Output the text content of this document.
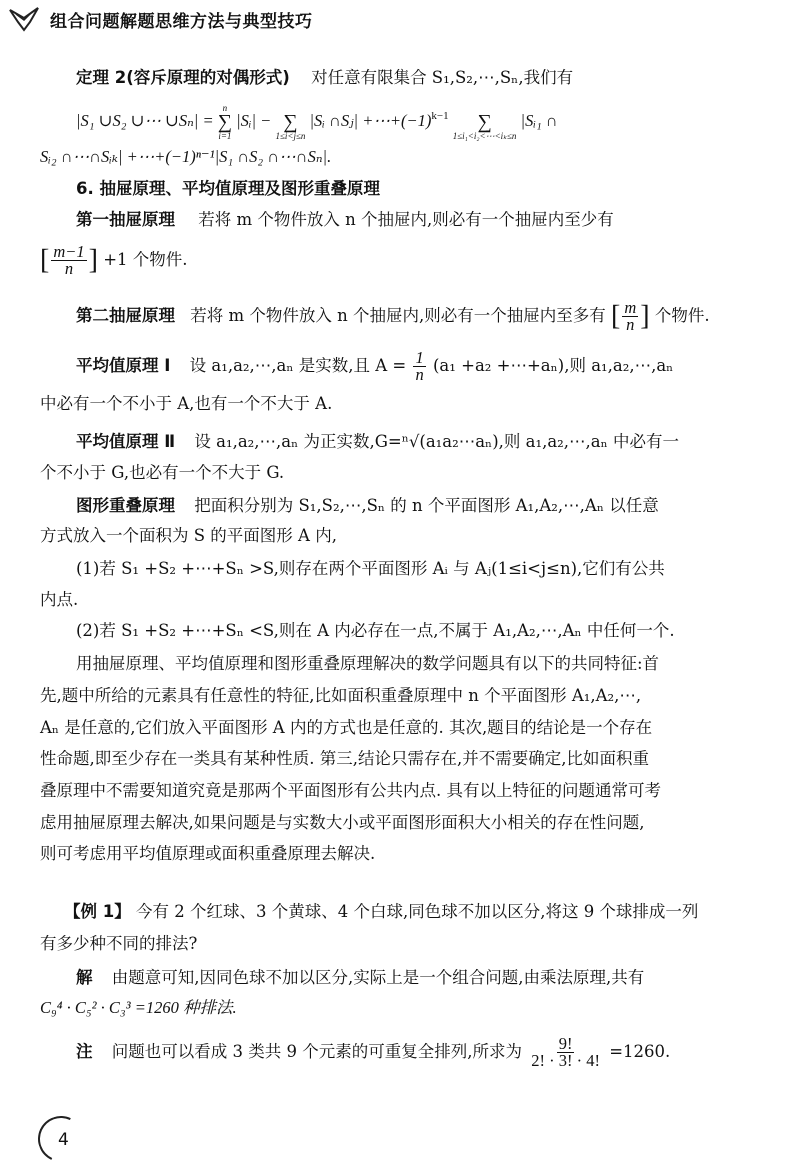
组合问题解题思维方法与典型技巧
定理 2(容斥原理的对偶形式) 对任意有限集合 S₁,S₂,⋯,Sₙ,我们有
|S₁ ∪S₂ ∪⋯ ∪Sₙ| =
n
∑
i=1
|Sᵢ| −
∑
1≤i<j≤n
|Sᵢ ∩Sⱼ| $+\cdots+(-1)^{k-1}$
∑
1≤i₁<i₂<⋯<iₖ≤n
|Sᵢ₁ ∩
Sᵢ₂ ∩⋯∩Sᵢₖ| +⋯+(−1)ⁿ⁻¹|S₁ ∩S₂ ∩⋯∩Sₙ|.
6. 抽屉原理、平均值原理及图形重叠原理
第一抽屉原理 若将 m 个物件放入 n 个抽屉内,则必有一个抽屉内至少有
[ $\frac{m-1}{n}$ ] +1 个物件.
第二抽屉原理 若将 m 个物件放入 n 个抽屉内,则必有一个抽屉内至多有 [ $\frac{m}{n}$ ] 个物件.
平均值原理 Ⅰ 设 a₁,a₂,⋯,aₙ 是实数,且 $A = \frac{1}{n} (a_1 +a_2$ +⋯+aₙ),则 a₁,a₂,⋯,aₙ
中必有一个不小于 A,也有一个不大于 A.
平均值原理 Ⅱ 设 a₁,a₂,⋯,aₙ 为正实数,G=ⁿ√(a₁a₂⋯aₙ),则 a₁,a₂,⋯,aₙ 中必有一
个不小于 G,也必有一个不大于 G.
图形重叠原理 把面积分别为 S₁,S₂,⋯,Sₙ 的 n 个平面图形 A₁,A₂,⋯,Aₙ 以任意
方式放入一个面积为 S 的平面图形 A 内,
(1)若 S₁ +S₂ +⋯+Sₙ >S,则存在两个平面图形 Aᵢ 与 Aⱼ(1≤i<j≤n),它们有公共
内点.
(2)若 S₁ +S₂ +⋯+Sₙ <S,则在 A 内必存在一点,不属于 A₁,A₂,⋯,Aₙ 中任何一个.
用抽屉原理、平均值原理和图形重叠原理解决的数学问题具有以下的共同特征:首
先,题中所给的元素具有任意性的特征,比如面积重叠原理中 n 个平面图形 A₁,A₂,⋯,
Aₙ 是任意的,它们放入平面图形 A 内的方式也是任意的. 其次,题目的结论是一个存在
性命题,即至少存在一类具有某种性质. 第三,结论只需存在,并不需要确定,比如面积重
叠原理中不需要知道究竟是那两个平面图形有公共内点. 具有以上特征的问题通常可考
虑用抽屉原理去解决,如果问题是与实数大小或平面图形面积大小相关的存在性问题,
则可考虑用平均值原理或面积重叠原理去解决.
【例 1】 今有 2 个红球、3 个黄球、4 个白球,同色球不加以区分,将这 9 个球排成一列
有多少种不同的排法?
解 由题意可知,因同色球不加以区分,实际上是一个组合问题,由乘法原理,共有
C₉⁴ · C₅² · C₃³ =1260 种排法.
注 问题也可以看成 3 类共 9 个元素的可重复全排列,所求为 $\frac{9!}{2! \cdot 3! \cdot 4!} =1260$.
4
